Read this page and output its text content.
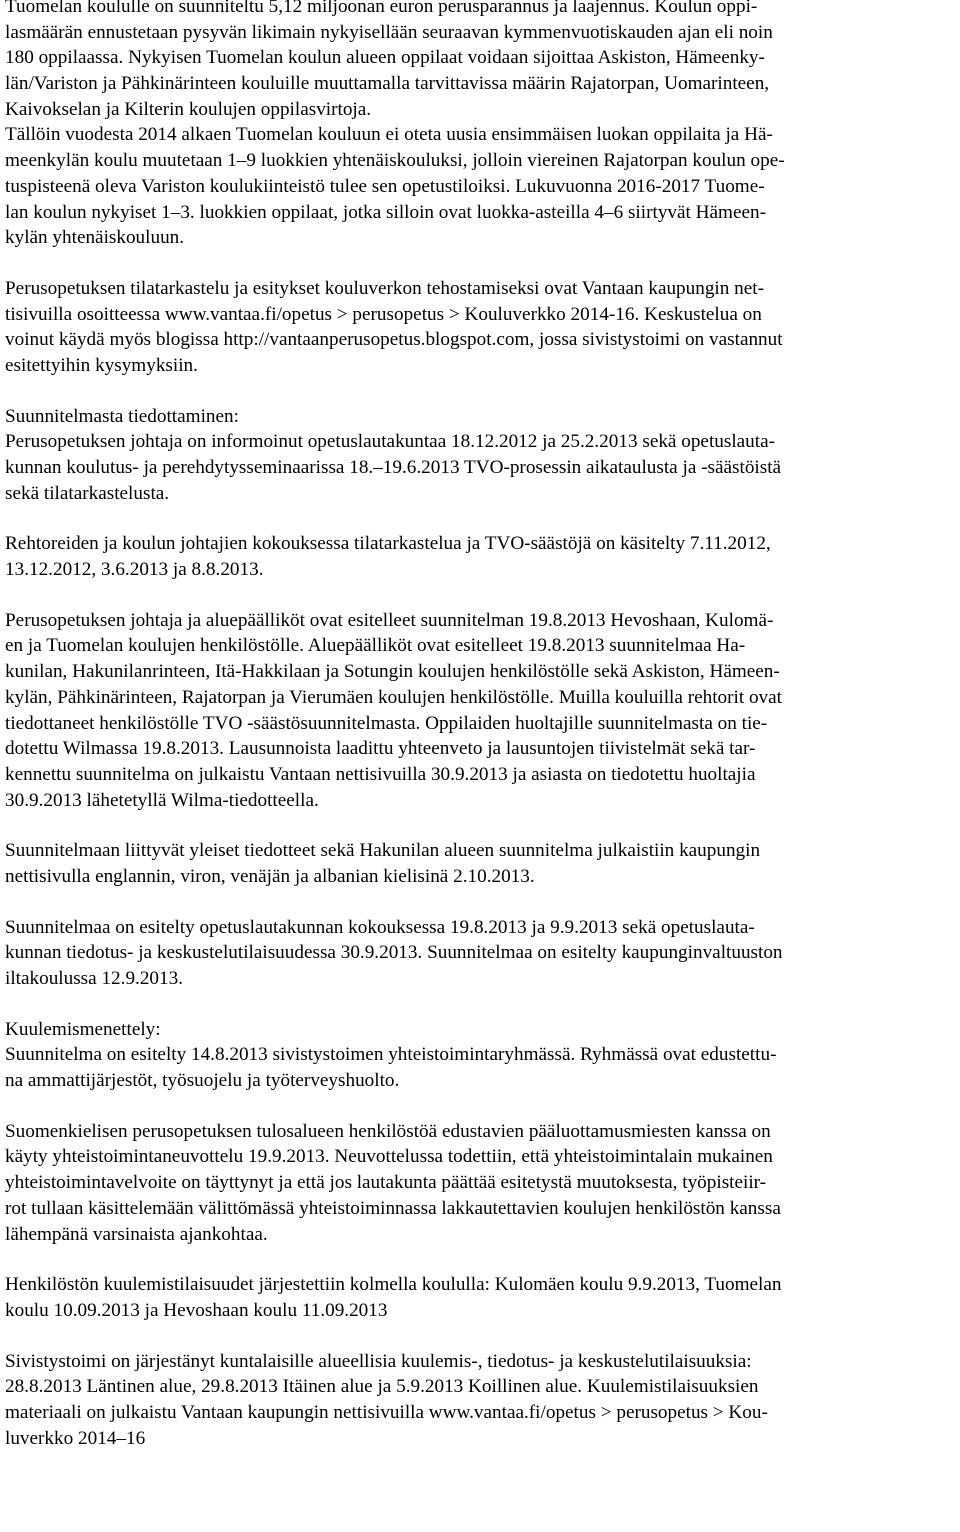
Tuomelan koululle on suunniteltu 5,12 miljoonan euron perusparannus ja laajennus. Koulun oppi-
lasmäärän ennustetaan pysyvän likimain nykyisellään seuraavan kymmenvuotiskauden ajan eli noin
180 oppilaassa. Nykyisen Tuomelan koulun alueen oppilaat voidaan sijoittaa Askiston, Hämeenky-
län/Variston ja Pähkinärinteen kouluille muuttamalla tarvittavissa määrin Rajatorpan, Uomarinteen,
Kaivokselan ja Kilterin koulujen oppilasvirtoja.
Tällöin vuodesta 2014 alkaen Tuomelan kouluun ei oteta uusia ensimmäisen luokan oppilaita ja Hä-
meenkylän koulu muutetaan 1–9 luokkien yhtenäiskouluksi, jolloin viereinen Rajatorpan koulun ope-
tuspisteenä oleva Variston koulukiinteistö tulee sen opetustiloiksi. Lukuvuonna 2016-2017 Tuome-
lan koulun nykyiset 1–3. luokkien oppilaat, jotka silloin ovat luokka-asteilla 4–6 siirtyvät Hämeen-
kylän yhtenäiskouluun.

Perusopetuksen tilatarkastelu ja esitykset kouluverkon tehostamiseksi ovat Vantaan kaupungin net-
tisivuilla osoitteessa www.vantaa.fi/opetus > perusopetus > Kouluverkko 2014-16. Keskustelua on
voinut käydä myös blogissa http://vantaanperusopetus.blogspot.com, jossa sivistystoimi on vastannut
esitettyihin kysymyksiin.

Suunnitelmasta tiedottaminen:
Perusopetuksen johtaja on informoinut opetuslautakuntaa 18.12.2012 ja 25.2.2013 sekä opetuslauta-
kunnan koulutus- ja perehdytysseminaarissa 18.–19.6.2013 TVO-prosessin aikataulusta ja -säästöistä
sekä tilatarkastelusta.

Rehtoreiden ja koulun johtajien kokouksessa tilatarkastelua ja TVO-säästöjä on käsitelty 7.11.2012,
13.12.2012, 3.6.2013 ja 8.8.2013.

Perusopetuksen johtaja ja aluepäälliköt ovat esitelleet suunnitelman 19.8.2013 Hevoshaan, Kulomä-
en ja Tuomelan koulujen henkilöstölle. Aluepäälliköt ovat esitelleet 19.8.2013 suunnitelmaa Ha-
kunilan, Hakunilanrinteen, Itä-Hakkilaan ja Sotungin koulujen henkilöstölle sekä Askiston, Hämeen-
kylän, Pähkinärinteen, Rajatorpan ja Vierumäen koulujen henkilöstölle. Muilla kouluilla rehtorit ovat
tiedottaneet henkilöstölle TVO -säästösuunnitelmasta. Oppilaiden huoltajille suunnitelmasta on tie-
dotettu Wilmassa 19.8.2013. Lausunnoista laadittu yhteenveto ja lausuntojen tiivistelmät sekä tar-
kennettu suunnitelma on julkaistu Vantaan nettisivuilla 30.9.2013 ja asiasta on tiedotettu huoltajia
30.9.2013 lähetetyllä Wilma-tiedotteella.

Suunnitelmaan liittyvät yleiset tiedotteet sekä Hakunilan alueen suunnitelma julkaistiin kaupungin
nettisivulla englannin, viron, venäjän ja albanian kielisinä 2.10.2013.

Suunnitelmaa on esitelty opetuslautakunnan kokouksessa 19.8.2013 ja 9.9.2013 sekä opetuslauta-
kunnan tiedotus- ja keskustelutilaisuudessa 30.9.2013. Suunnitelmaa on esitelty kaupunginvaltuuston
iltakoulussa 12.9.2013.

Kuulemismenettely:
Suunnitelma on esitelty 14.8.2013 sivistystoimen yhteistoimintaryhmässä. Ryhmässä ovat edustettu-
na ammattijärjestöt, työsuojelu ja työterveyshuolto.

Suomenkielisen perusopetuksen tulosalueen henkilöstöä edustavien pääluottamusmiesten kanssa on
käyty yhteistoimintaneuvottelu 19.9.2013. Neuvottelussa todettiin, että yhteistoimintalain mukainen
yhteistoimintavelvoite on täyttynyt ja että jos lautakunta päättää esitetystä muutoksesta, työpisteiir-
rot tullaan käsittelemään välittömässä yhteistoiminnassa lakkautettavien koulujen henkilöstön kanssa
lähempänä varsinaista ajankohtaa.

Henkilöstön kuulemistilaisuudet järjestettiin kolmella koululla: Kulomäen koulu 9.9.2013, Tuomelan
koulu 10.09.2013 ja Hevoshaan koulu 11.09.2013

Sivistystoimi on järjestänyt kuntalaisille alueellisia kuulemis-, tiedotus- ja keskustelutilaisuuksia:
28.8.2013 Läntinen alue, 29.8.2013 Itäinen alue ja 5.9.2013 Koillinen alue. Kuulemistilaisuuksien
materiaali on julkaistu Vantaan kaupungin nettisivuilla www.vantaa.fi/opetus > perusopetus > Kou-
luverkko 2014–16
